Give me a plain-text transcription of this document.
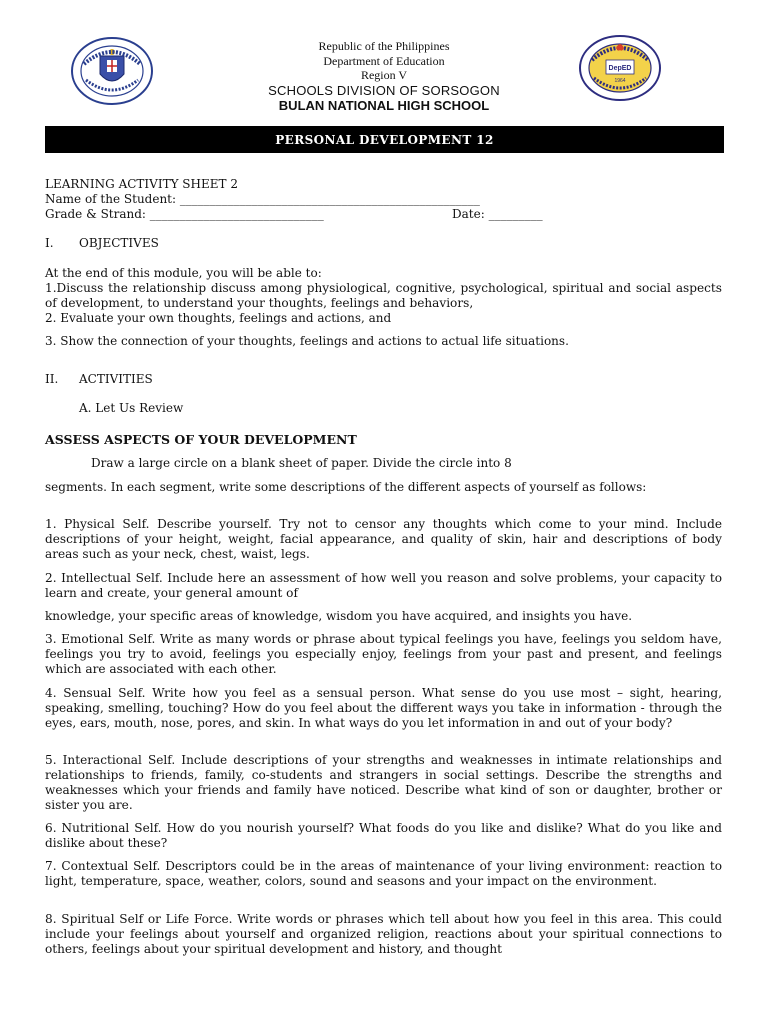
DepED
1964
Republic of the Philippines
Department of Education
Region V
SCHOOLS DIVISION OF SORSOGON
BULAN NATIONAL HIGH SCHOOL
PERSONAL DEVELOPMENT 12
LEARNING ACTIVITY SHEET 2
Name of the Student: __________________________________________________
Grade & Strand: _____________________________	Date: _________
I. OBJECTIVES
At the end of this module, you will be able to:
1.Discuss the relationship discuss among physiological, cognitive, psychological, spiritual and social aspects of development, to understand your thoughts, feelings and behaviors,
2. Evaluate your own thoughts, feelings and actions, and
3. Show the connection of your thoughts, feelings and actions to actual life situations.
II. ACTIVITIES
A. Let Us Review
ASSESS ASPECTS OF YOUR DEVELOPMENT
Draw a large circle on a blank sheet of paper. Divide the circle into 8
segments. In each segment, write some descriptions of the different aspects of yourself as follows:
1. Physical Self. Describe yourself. Try not to censor any thoughts which come to your mind. Include descriptions of your height, weight, facial appearance, and quality of skin, hair and descriptions of body areas such as your neck, chest, waist, legs.
2. Intellectual Self. Include here an assessment of how well you reason and solve problems, your capacity to learn and create, your general amount of
knowledge, your specific areas of knowledge, wisdom you have acquired, and insights you have.
3. Emotional Self. Write as many words or phrase about typical feelings you have, feelings you seldom have, feelings you try to avoid, feelings you especially enjoy, feelings from your past and present, and feelings which are associated with each other.
4. Sensual Self. Write how you feel as a sensual person. What sense do you use most – sight, hearing, speaking, smelling, touching? How do you feel about the different ways you take in information - through the eyes, ears, mouth, nose, pores, and skin. In what ways do you let information in and out of your body?
5. Interactional Self. Include descriptions of your strengths and weaknesses in intimate relationships and relationships to friends, family, co-students and strangers in social settings. Describe the strengths and weaknesses which your friends and family have noticed. Describe what kind of son or daughter, brother or sister you are.
6. Nutritional Self. How do you nourish yourself? What foods do you like and dislike? What do you like and dislike about these?
7. Contextual Self. Descriptors could be in the areas of maintenance of your living environment: reaction to light, temperature, space, weather, colors, sound and seasons and your impact on the environment.
8. Spiritual Self or Life Force. Write words or phrases which tell about how you feel in this area. This could include your feelings about yourself and organized religion, reactions about your spiritual connections to others, feelings about your spiritual development and history, and thought
